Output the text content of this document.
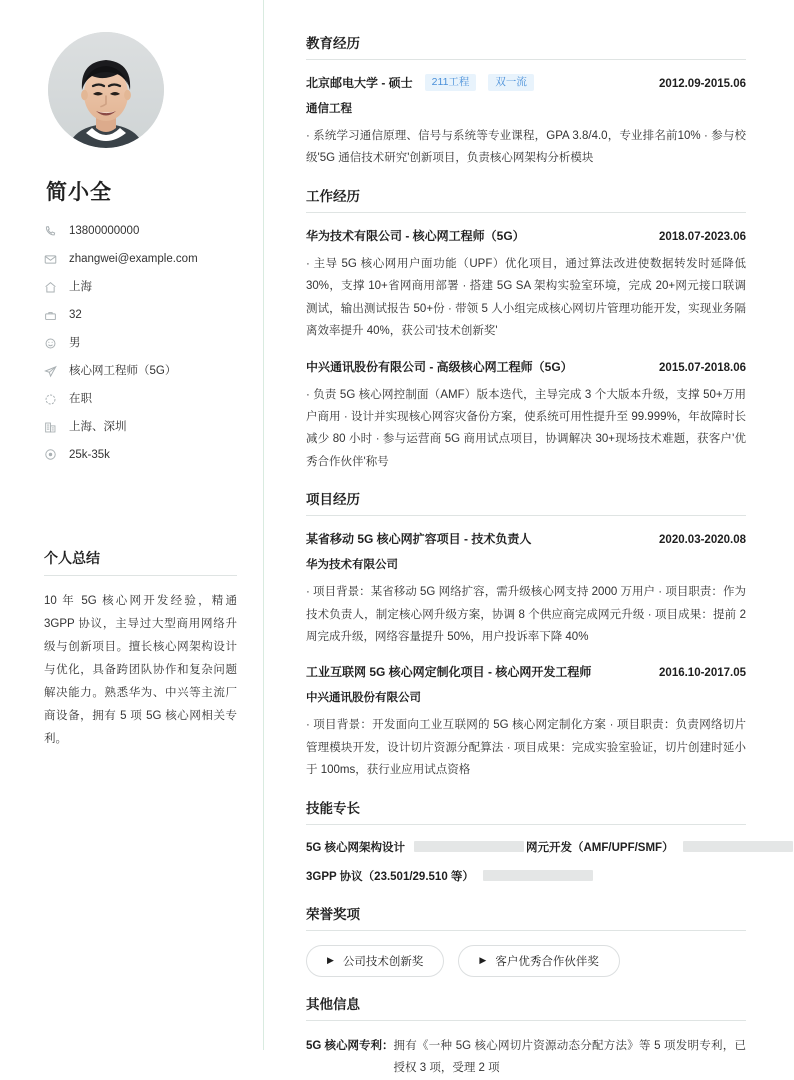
简小全
13800000000
zhangwei@example.com
上海
32
男
核心网工程师（5G）
在职
上海、深圳
25k-35k
个人总结
10 年 5G 核心网开发经验，精通 3GPP 协议，主导过大型商用网络升级与创新项目。擅长核心网架构设计与优化，具备跨团队协作和复杂问题解决能力。熟悉华为、中兴等主流厂商设备，拥有 5 项 5G 核心网相关专利。
教育经历
北京邮电大学 - 硕士	211工程	双一流	2012.09-2015.06
通信工程
· 系统学习通信原理、信号与系统等专业课程，GPA 3.8/4.0，专业排名前10% · 参与校级'5G 通信技术研究'创新项目，负责核心网架构分析模块
工作经历
华为技术有限公司 - 核心网工程师（5G）	2018.07-2023.06
· 主导 5G 核心网用户面功能（UPF）优化项目，通过算法改进使数据转发时延降低 30%，支撑 10+省网商用部署 · 搭建 5G SA 架构实验室环境，完成 20+网元接口联调测试，输出测试报告 50+份 · 带领 5 人小组完成核心网切片管理功能开发，实现业务隔离效率提升 40%，获公司'技术创新奖'
中兴通讯股份有限公司 - 高级核心网工程师（5G）	2015.07-2018.06
· 负责 5G 核心网控制面（AMF）版本迭代，主导完成 3 个大版本升级，支撑 50+万用户商用 · 设计并实现核心网容灾备份方案，使系统可用性提升至 99.999%，年故障时长减少 80 小时 · 参与运营商 5G 商用试点项目，协调解决 30+现场技术难题，获客户'优秀合作伙伴'称号
项目经历
某省移动 5G 核心网扩容项目 - 技术负责人	2020.03-2020.08
华为技术有限公司
· 项目背景：某省移动 5G 网络扩容，需升级核心网支持 2000 万用户 · 项目职责：作为技术负责人，制定核心网升级方案，协调 8 个供应商完成网元升级 · 项目成果：提前 2 周完成升级，网络容量提升 50%，用户投诉率下降 40%
工业互联网 5G 核心网定制化项目 - 核心网开发工程师	2016.10-2017.05
中兴通讯股份有限公司
· 项目背景：开发面向工业互联网的 5G 核心网定制化方案 · 项目职责：负责网络切片管理模块开发，设计切片资源分配算法 · 项目成果：完成实验室验证，切片创建时延小于 100ms，获行业应用试点资格
技能专长
5G 核心网架构设计	网元开发（AMF/UPF/SMF）
3GPP 协议（23.501/29.510 等）
荣誉奖项
▶ 公司技术创新奖	▶ 客户优秀合作伙伴奖
其他信息
5G 核心网专利： 拥有《一种 5G 核心网切片资源动态分配方法》等 5 项发明专利，已授权 3 项，受理 2 项
